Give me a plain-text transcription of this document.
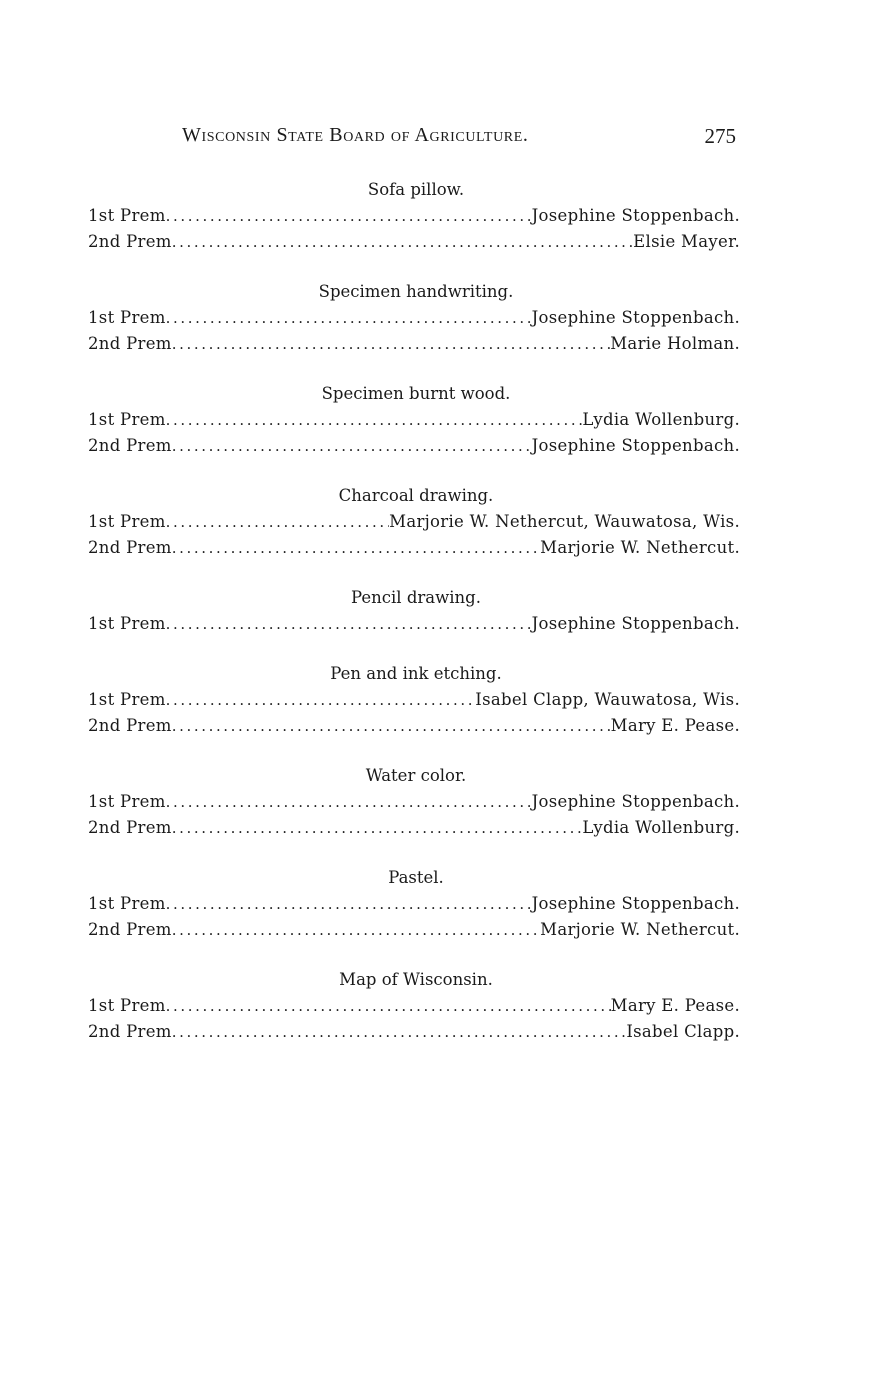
Wisconsin State Board of Agriculture.	275
Sofa pillow.
1st Prem .....	Josephine Stoppenbach.
2nd Prem .....	Elsie Mayer.
Specimen handwriting.
1st Prem .....	Josephine Stoppenbach.
2nd Prem .....	Marie Holman.
Specimen burnt wood.
1st Prem .....	Lydia Wollenburg.
2nd Prem .....	Josephine Stoppenbach.
Charcoal drawing.
1st Prem .....	Marjorie W. Nethercut, Wauwatosa, Wis.
2nd Prem .....	Marjorie W. Nethercut.
Pencil drawing.
1st Prem .....	Josephine Stoppenbach.
Pen and ink etching.
1st Prem .....	Isabel Clapp, Wauwatosa, Wis.
2nd Prem .....	Mary E. Pease.
Water color.
1st Prem .....	Josephine Stoppenbach.
2nd Prem .....	Lydia Wollenburg.
Pastel.
1st Prem .....	Josephine Stoppenbach.
2nd Prem .....	Marjorie W. Nethercut.
Map of Wisconsin.
1st Prem .....	Mary E. Pease.
2nd Prem .....	Isabel Clapp.
